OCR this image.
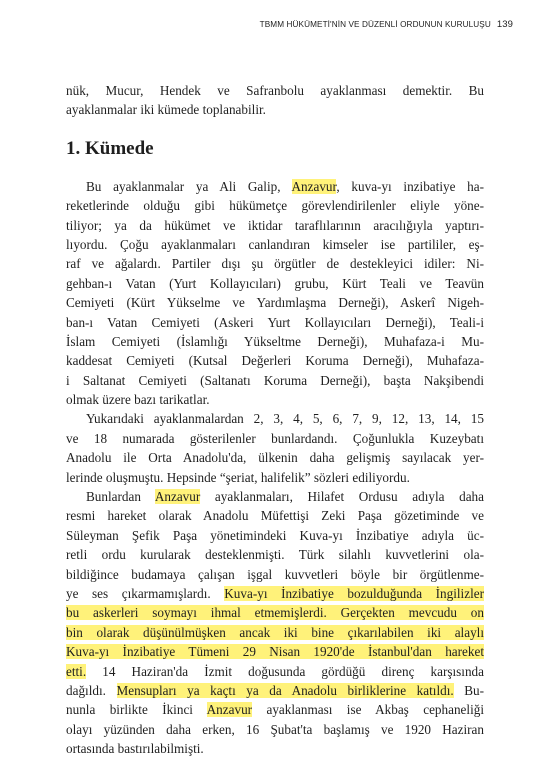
TBMM HÜKÜMETİ'NİN VE DÜZENLİ ORDUNUN KURULUŞU 139
nük, Mucur, Hendek ve Safranbolu ayaklanması demektir. Bu
ayaklanmalar iki kümede toplanabilir.
1. Kümede
Bu ayaklanmalar ya Ali Galip, Anzavur, kuva-yı inzibatiye ha-
reketlerinde olduğu gibi hükümetçe görevlendirilenler eliyle yöne-
tiliyor; ya da hükümet ve iktidar taraflılarının aracılığıyla yaptırı-
lıyordu. Çoğu ayaklanmaları canlandıran kimseler ise partililer, eş-
raf ve ağalardı. Partiler dışı şu örgütler de destekleyici idiler: Ni-
gehban-ı Vatan (Yurt Kollayıcıları) grubu, Kürt Teali ve Teavün
Cemiyeti (Kürt Yükselme ve Yardımlaşma Derneği), Askerî Nigeh-
ban-ı Vatan Cemiyeti (Askeri Yurt Kollayıcıları Derneği), Teali-i
İslam Cemiyeti (İslamlığı Yükseltme Derneği), Muhafaza-i Mu-
kaddesat Cemiyeti (Kutsal Değerleri Koruma Derneği), Muhafaza-
i Saltanat Cemiyeti (Saltanatı Koruma Derneği), başta Nakşibendi
olmak üzere bazı tarikatlar.
Yukarıdaki ayaklanmalardan 2, 3, 4, 5, 6, 7, 9, 12, 13, 14, 15
ve 18 numarada gösterilenler bunlardandı. Çoğunlukla Kuzeybatı
Anadolu ile Orta Anadolu'da, ülkenin daha gelişmiş sayılacak yer-
lerinde oluşmuştu. Hepsinde “şeriat, halifelik” sözleri ediliyordu.
Bunlardan Anzavur ayaklanmaları, Hilafet Ordusu adıyla daha
resmi hareket olarak Anadolu Müfettişi Zeki Paşa gözetiminde ve
Süleyman Şefik Paşa yönetimindeki Kuva-yı İnzibatiye adıyla üc-
retli ordu kurularak desteklenmişti. Türk silahlı kuvvetlerini ola-
bildiğince budamaya çalışan işgal kuvvetleri böyle bir örgütlenme-
ye ses çıkarmamışlardı. Kuva-yı İnzibatiye bozulduğunda İngilizler
bu askerleri soymayı ihmal etmemişlerdi. Gerçekten mevcudu on
bin olarak düşünülmüşken ancak iki bine çıkarılabilen iki alaylı
Kuva-yı İnzibatiye Tümeni 29 Nisan 1920'de İstanbul'dan hareket
etti. 14 Haziran'da İzmit doğusunda gördüğü direnç karşısında
dağıldı. Mensupları ya kaçtı ya da Anadolu birliklerine katıldı. Bu-
nunla birlikte İkinci Anzavur ayaklanması ise Akbaş cephaneliği
olayı yüzünden daha erken, 16 Şubat'ta başlamış ve 1920 Haziran
ortasında bastırılabilmişti.
